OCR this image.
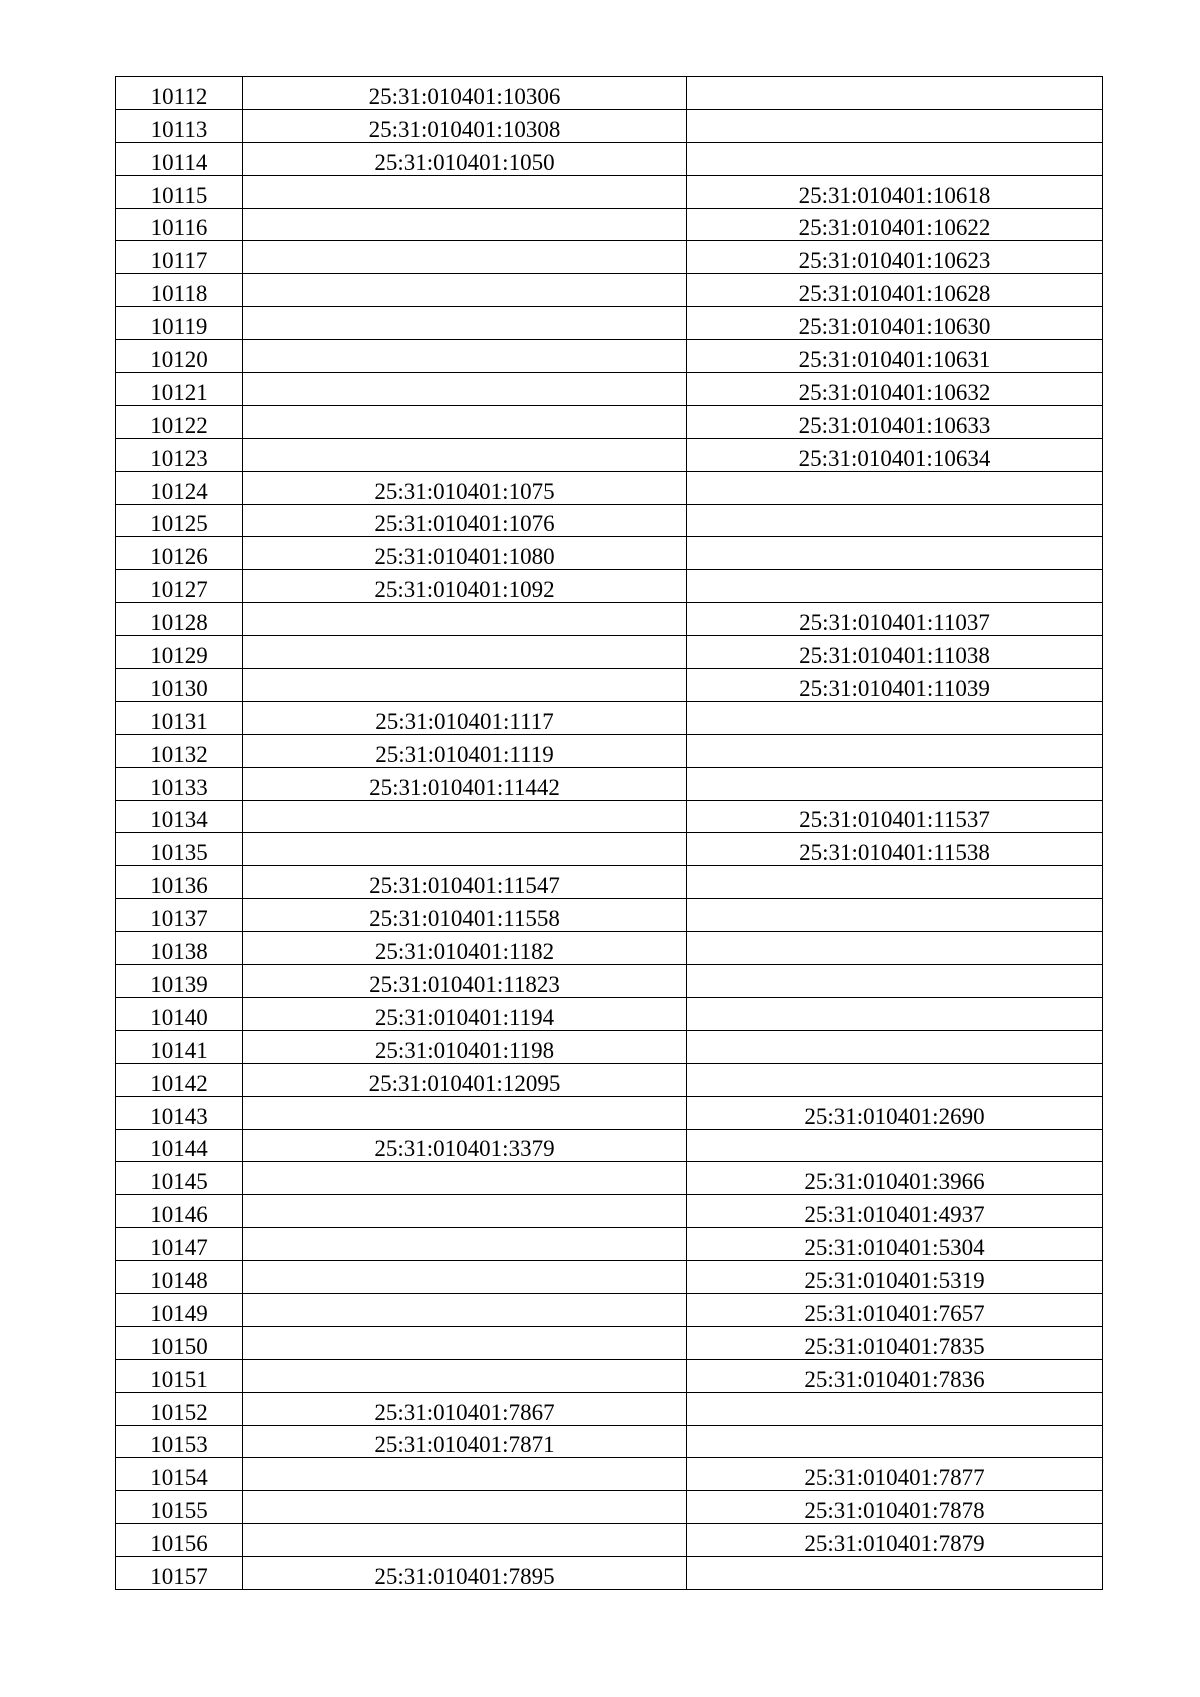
10112	25:31:010401:10306	
10113	25:31:010401:10308	
10114	25:31:010401:1050	
10115		25:31:010401:10618
10116		25:31:010401:10622
10117		25:31:010401:10623
10118		25:31:010401:10628
10119		25:31:010401:10630
10120		25:31:010401:10631
10121		25:31:010401:10632
10122		25:31:010401:10633
10123		25:31:010401:10634
10124	25:31:010401:1075	
10125	25:31:010401:1076	
10126	25:31:010401:1080	
10127	25:31:010401:1092	
10128		25:31:010401:11037
10129		25:31:010401:11038
10130		25:31:010401:11039
10131	25:31:010401:1117	
10132	25:31:010401:1119	
10133	25:31:010401:11442	
10134		25:31:010401:11537
10135		25:31:010401:11538
10136	25:31:010401:11547	
10137	25:31:010401:11558	
10138	25:31:010401:1182	
10139	25:31:010401:11823	
10140	25:31:010401:1194	
10141	25:31:010401:1198	
10142	25:31:010401:12095	
10143		25:31:010401:2690
10144	25:31:010401:3379	
10145		25:31:010401:3966
10146		25:31:010401:4937
10147		25:31:010401:5304
10148		25:31:010401:5319
10149		25:31:010401:7657
10150		25:31:010401:7835
10151		25:31:010401:7836
10152	25:31:010401:7867	
10153	25:31:010401:7871	
10154		25:31:010401:7877
10155		25:31:010401:7878
10156		25:31:010401:7879
10157	25:31:010401:7895	
